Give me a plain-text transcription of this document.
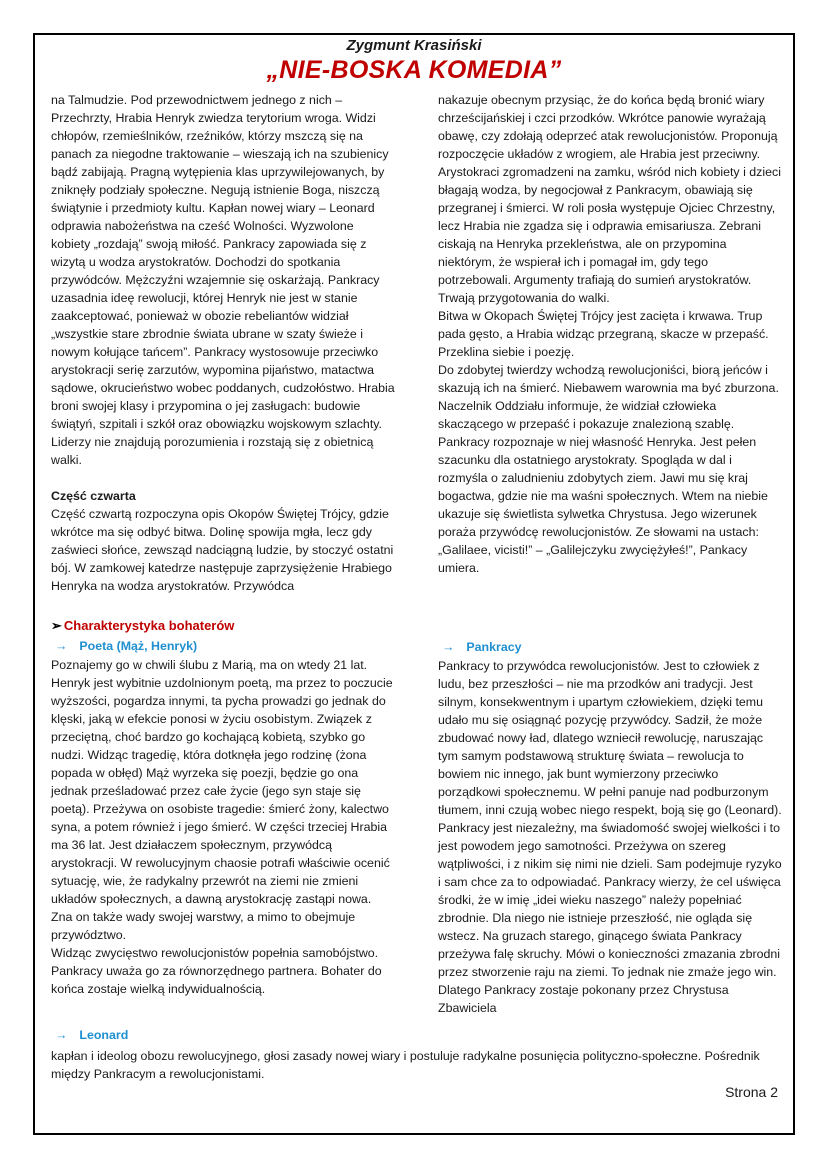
Zygmunt Krasiński
„NIE-BOSKA KOMEDIA”

na Talmudzie. Pod przewodnictwem jednego z nich – Przechrzty, Hrabia Henryk zwiedza terytorium wroga. Widzi chłopów, rzemieślników, rzeźników, którzy mszczą się na panach za niegodne traktowanie – wieszają ich na szubienicy bądź zabijają. Pragną wytępienia klas uprzywilejowanych, by zniknęły podziały społeczne. Negują istnienie Boga, niszczą świątynie i przedmioty kultu. Kapłan nowej wiary – Leonard odprawia nabożeństwa na cześć Wolności. Wyzwolone kobiety „rozdają” swoją miłość. Pankracy zapowiada się z wizytą u wodza arystokratów. Dochodzi do spotkania przywódców. Mężczyźni wzajemnie się oskarżają. Pankracy uzasadnia ideę rewolucji, której Henryk nie jest w stanie zaakceptować, ponieważ w obozie rebeliantów widział „wszystkie stare zbrodnie świata ubrane w szaty świeże i nowym kołujące tańcem”. Pankracy wystosowuje przeciwko arystokracji serię zarzutów, wypomina pijaństwo, matactwa sądowe, okrucieństwo wobec poddanych, cudzołóstwo. Hrabia broni swojej klasy i przypomina o jej zasługach: budowie świątyń, szpitali i szkół oraz obowiązku wojskowym szlachty. Liderzy nie znajdują porozumienia i rozstają się z obietnicą walki.

Część czwarta

Część czwartą rozpoczyna opis Okopów Świętej Trójcy, gdzie wkrótce ma się odbyć bitwa. Dolinę spowija mgła, lecz gdy zaświeci słońce, zewsząd nadciągną ludzie, by stoczyć ostatni bój. W zamkowej katedrze następuje zaprzysiężenie Hrabiego Henryka na wodza arystokratów. Przywódca

nakazuje obecnym przysiąc, że do końca będą bronić wiary chrześcijańskiej i czci przodków. Wkrótce panowie wyrażają obawę, czy zdołają odeprzeć atak rewolucjonistów. Proponują rozpoczęcie układów z wrogiem, ale Hrabia jest przeciwny.

Arystokraci zgromadzeni na zamku, wśród nich kobiety i dzieci błagają wodza, by negocjował z Pankracym, obawiają się przegranej i śmierci. W roli posła występuje Ojciec Chrzestny, lecz Hrabia nie zgadza się i odprawia emisariusza. Zebrani ciskają na Henryka przekleństwa, ale on przypomina niektórym, że wspierał ich i pomagał im, gdy tego potrzebowali. Argumenty trafiają do sumień arystokratów. Trwają przygotowania do walki.

Bitwa w Okopach Świętej Trójcy jest zacięta i krwawa. Trup pada gęsto, a Hrabia widząc przegraną, skacze w przepaść. Przeklina siebie i poezję.

Do zdobytej twierdzy wchodzą rewolucjoniści, biorą jeńców i skazują ich na śmierć. Niebawem warownia ma być zburzona. Naczelnik Oddziału informuje, że widział człowieka skaczącego w przepaść i pokazuje znalezioną szablę. Pankracy rozpoznaje w niej własność Henryka. Jest pełen szacunku dla ostatniego arystokraty. Spogląda w dal i rozmyśla o zaludnieniu zdobytych ziem. Jawi mu się kraj bogactwa, gdzie nie ma waśni społecznych. Wtem na niebie ukazuje się świetlista sylwetka Chrystusa. Jego wizerunek poraża przywódcę rewolucjonistów. Ze słowami na ustach: „Galilaee, vicisti!” – „Galilejczyku zwyciężyłeś!”, Pankacy umiera.

➢ Charakterystyka bohaterów
→ Poeta (Mąż, Henryk)

Poznajemy go w chwili ślubu z Marią, ma on wtedy 21 lat. Henryk jest wybitnie uzdolnionym poetą, ma przez to poczucie wyższości, pogardza innymi, ta pycha prowadzi go jednak do klęski, jaką w efekcie ponosi w życiu osobistym. Związek z przeciętną, choć bardzo go kochającą kobietą, szybko go nudzi. Widząc tragedię, która dotknęła jego rodzinę (żona popada w obłęd) Mąż wyrzeka się poezji, będzie go ona jednak prześladować przez całe życie (jego syn staje się poetą). Przeżywa on osobiste tragedie: śmierć żony, kalectwo syna, a potem również i jego śmierć. W części trzeciej Hrabia ma 36 lat. Jest działaczem społecznym, przywódcą arystokracji. W rewolucyjnym chaosie potrafi właściwie ocenić sytuację, wie, że radykalny przewrót na ziemi nie zmieni układów społecznych, a dawną arystokrację zastąpi nowa. Zna on także wady swojej warstwy, a mimo to obejmuje przywództwo.

Widząc zwycięstwo rewolucjonistów popełnia samobójstwo. Pankracy uważa go za równorzędnego partnera. Bohater do końca zostaje wielką indywidualnością.

→ Pankracy

Pankracy to przywódca rewolucjonistów. Jest to człowiek z ludu, bez przeszłości – nie ma przodków ani tradycji. Jest silnym, konsekwentnym i upartym człowiekiem, dzięki temu udało mu się osiągnąć pozycję przywódcy. Sadził, że może zbudować nowy ład, dlatego wzniecił rewolucję, naruszając tym samym podstawową strukturę świata – rewolucja to bowiem nic innego, jak bunt wymierzony przeciwko porządkowi społecznemu. W pełni panuje nad podburzonym tłumem, inni czują wobec niego respekt, boją się go (Leonard). Pankracy jest niezależny, ma świadomość swojej wielkości i to jest powodem jego samotności. Przeżywa on szereg wątpliwości, i z nikim się nimi nie dzieli. Sam podejmuje ryzyko i sam chce za to odpowiadać. Pankracy wierzy, że cel uświęca środki, że w imię „idei wieku naszego” należy popełniać zbrodnie. Dla niego nie istnieje przeszłość, nie ogląda się wstecz. Na gruzach starego, ginącego świata Pankracy przeżywa falę skruchy. Mówi o konieczności zmazania zbrodni przez stworzenie raju na ziemi. To jednak nie zmaże jego win. Dlatego Pankracy zostaje pokonany przez Chrystusa Zbawiciela

→ Leonard

kapłan i ideolog obozu rewolucyjnego, głosi zasady nowej wiary i postuluje radykalne posunięcia polityczno-społeczne. Pośrednik między Pankracym a rewolucjonistami.

Strona 2
